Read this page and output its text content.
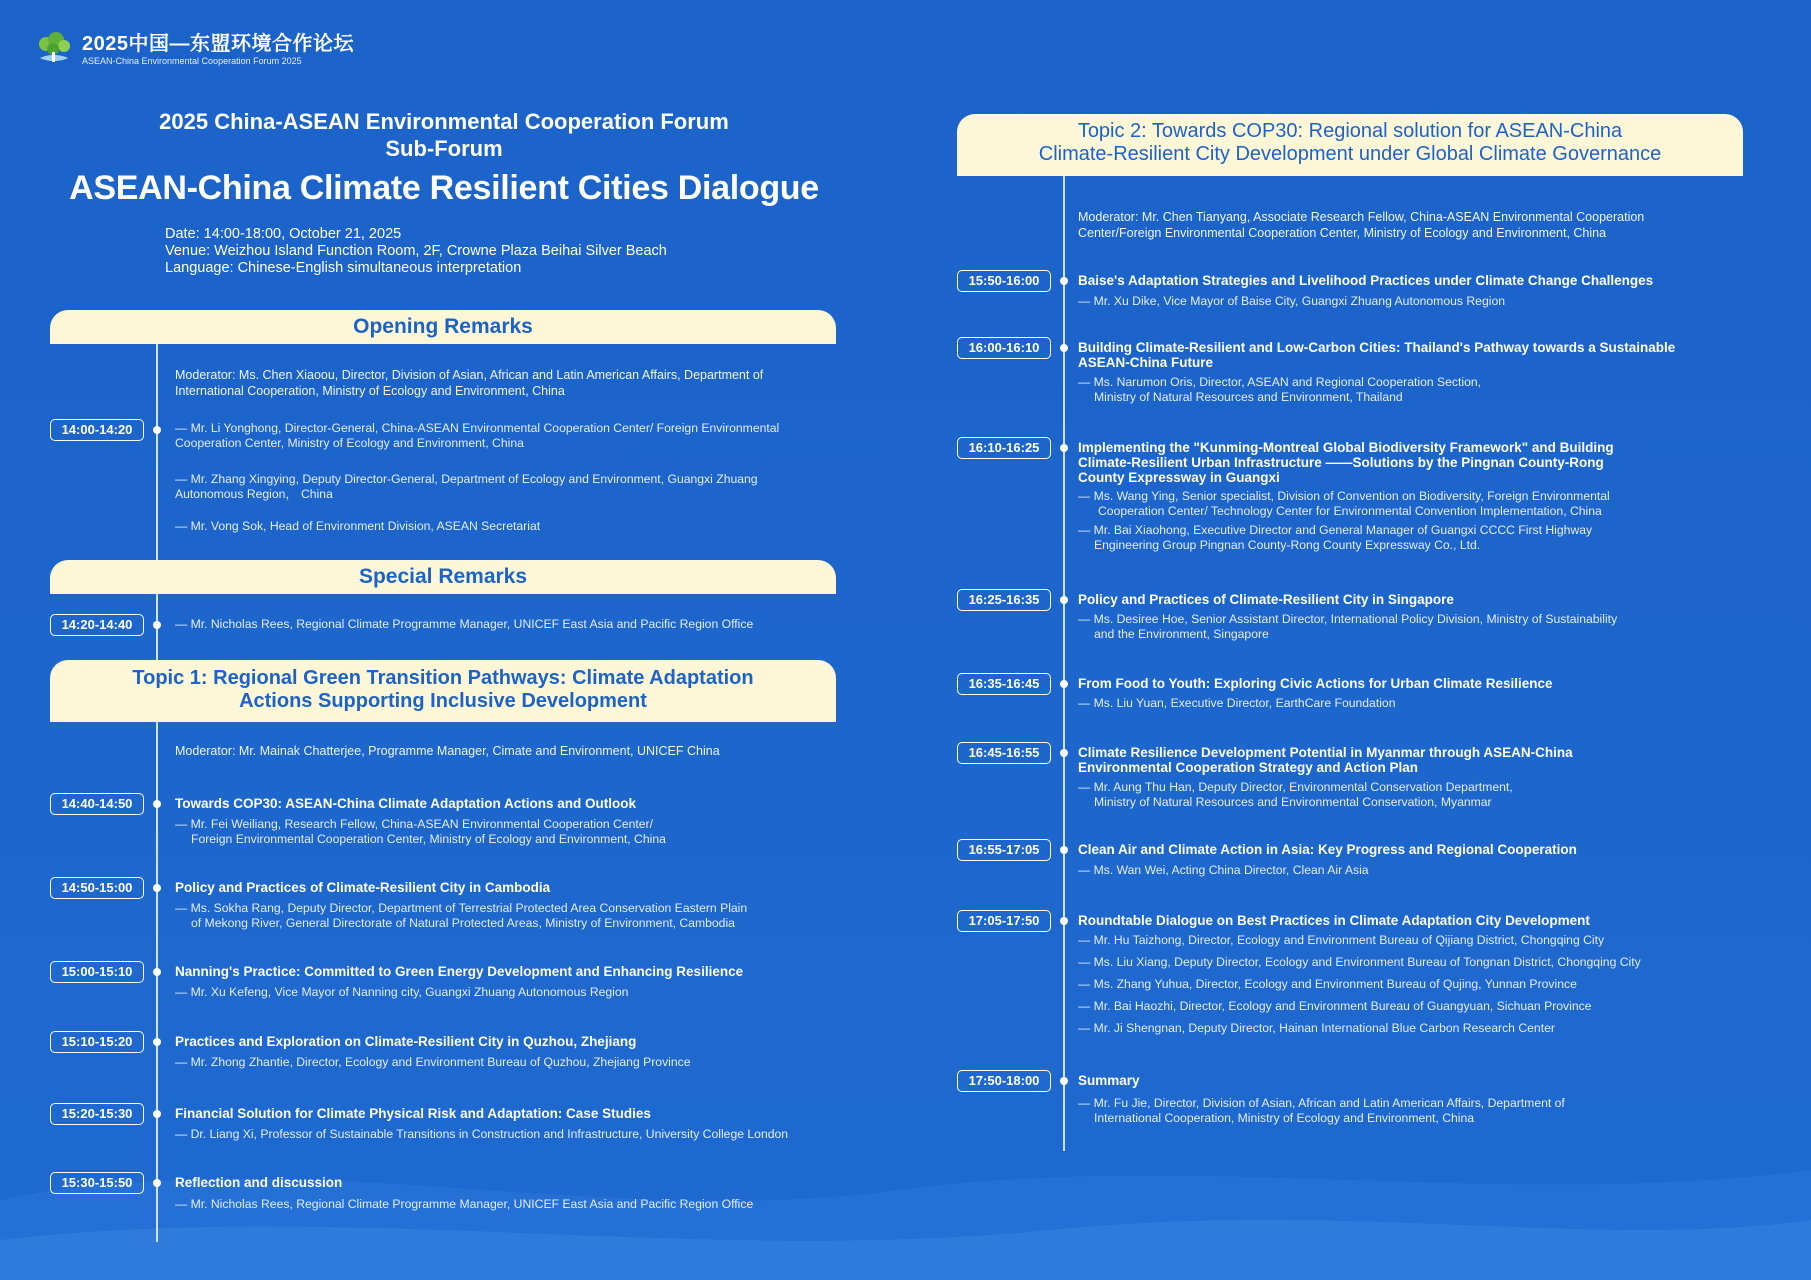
2025中国—东盟环境合作论坛
ASEAN-China Environmental Cooperation Forum 2025
2025 China-ASEAN Environmental Cooperation Forum
Sub-Forum
ASEAN-China Climate Resilient Cities Dialogue
Date: 14:00-18:00, October 21, 2025
Venue: Weizhou Island Function Room, 2F, Crowne Plaza Beihai Silver Beach
Language: Chinese-English simultaneous interpretation
Opening Remarks
Moderator: Ms. Chen Xiaoou, Director, Division of Asian, African and Latin American Affairs, Department of International Cooperation, Ministry of Ecology and Environment, China
14:00-14:20	— Mr. Li Yonghong, Director-General, China-ASEAN Environmental Cooperation Center/ Foreign Environmental Cooperation Center, Ministry of Ecology and Environment, China
— Mr. Zhang Xingying, Deputy Director-General, Department of Ecology and Environment, Guangxi Zhuang Autonomous Region， China
— Mr. Vong Sok, Head of Environment Division, ASEAN Secretariat
Special Remarks
14:20-14:40	— Mr. Nicholas Rees, Regional Climate Programme Manager, UNICEF East Asia and Pacific Region Office
Topic 1: Regional Green Transition Pathways: Climate Adaptation
Actions Supporting Inclusive Development
Moderator: Mr. Mainak Chatterjee, Programme Manager, Cimate and Environment, UNICEF China
14:40-14:50	Towards COP30: ASEAN-China Climate Adaptation Actions and Outlook
— Mr. Fei Weiliang, Research Fellow, China-ASEAN Environmental Cooperation Center/
Foreign Environmental Cooperation Center, Ministry of Ecology and Environment, China
14:50-15:00	Policy and Practices of Climate-Resilient City in Cambodia
— Ms. Sokha Rang, Deputy Director, Department of Terrestrial Protected Area Conservation Eastern Plain
of Mekong River, General Directorate of Natural Protected Areas, Ministry of Environment, Cambodia
15:00-15:10	Nanning's Practice: Committed to Green Energy Development and Enhancing Resilience
— Mr. Xu Kefeng, Vice Mayor of Nanning city, Guangxi Zhuang Autonomous Region
15:10-15:20	Practices and Exploration on Climate-Resilient City in Quzhou, Zhejiang
— Mr. Zhong Zhantie, Director, Ecology and Environment Bureau of Quzhou, Zhejiang Province
15:20-15:30	Financial Solution for Climate Physical Risk and Adaptation: Case Studies
— Dr. Liang Xi, Professor of Sustainable Transitions in Construction and Infrastructure, University College London
15:30-15:50	Reflection and discussion
— Mr. Nicholas Rees, Regional Climate Programme Manager, UNICEF East Asia and Pacific Region Office
Topic 2: Towards COP30: Regional solution for ASEAN-China
Climate-Resilient City Development under Global Climate Governance
Moderator: Mr. Chen Tianyang, Associate Research Fellow, China-ASEAN Environmental Cooperation
Center/Foreign Environmental Cooperation Center, Ministry of Ecology and Environment, China
15:50-16:00	Baise's Adaptation Strategies and Livelihood Practices under Climate Change Challenges
— Mr. Xu Dike, Vice Mayor of Baise City, Guangxi Zhuang Autonomous Region
16:00-16:10	Building Climate-Resilient and Low-Carbon Cities: Thailand's Pathway towards a Sustainable
ASEAN-China Future
— Ms. Narumon Oris, Director, ASEAN and Regional Cooperation Section,
Ministry of Natural Resources and Environment, Thailand
16:10-16:25	Implementing the "Kunming-Montreal Global Biodiversity Framework" and Building
Climate-Resilient Urban Infrastructure ——Solutions by the Pingnan County-Rong
County Expressway in Guangxi
— Ms. Wang Ying, Senior specialist, Division of Convention on Biodiversity, Foreign Environmental
Cooperation Center/ Technology Center for Environmental Convention Implementation, China
— Mr. Bai Xiaohong, Executive Director and General Manager of Guangxi CCCC First Highway
Engineering Group Pingnan County-Rong County Expressway Co., Ltd.
16:25-16:35	Policy and Practices of Climate-Resilient City in Singapore
— Ms. Desiree Hoe, Senior Assistant Director, International Policy Division, Ministry of Sustainability
and the Environment, Singapore
16:35-16:45	From Food to Youth: Exploring Civic Actions for Urban Climate Resilience
— Ms. Liu Yuan, Executive Director, EarthCare Foundation
16:45-16:55	Climate Resilience Development Potential in Myanmar through ASEAN-China
Environmental Cooperation Strategy and Action Plan
— Mr. Aung Thu Han, Deputy Director, Environmental Conservation Department,
Ministry of Natural Resources and Environmental Conservation, Myanmar
16:55-17:05	Clean Air and Climate Action in Asia: Key Progress and Regional Cooperation
— Ms. Wan Wei, Acting China Director, Clean Air Asia
17:05-17:50	Roundtable Dialogue on Best Practices in Climate Adaptation City Development
— Mr. Hu Taizhong, Director, Ecology and Environment Bureau of Qijiang District, Chongqing City
— Ms. Liu Xiang, Deputy Director, Ecology and Environment Bureau of Tongnan District, Chongqing City
— Ms. Zhang Yuhua, Director, Ecology and Environment Bureau of Qujing, Yunnan Province
— Mr. Bai Haozhi, Director, Ecology and Environment Bureau of Guangyuan, Sichuan Province
— Mr. Ji Shengnan, Deputy Director, Hainan International Blue Carbon Research Center
17:50-18:00	Summary
— Mr. Fu Jie, Director, Division of Asian, African and Latin American Affairs, Department of
International Cooperation, Ministry of Ecology and Environment, China
